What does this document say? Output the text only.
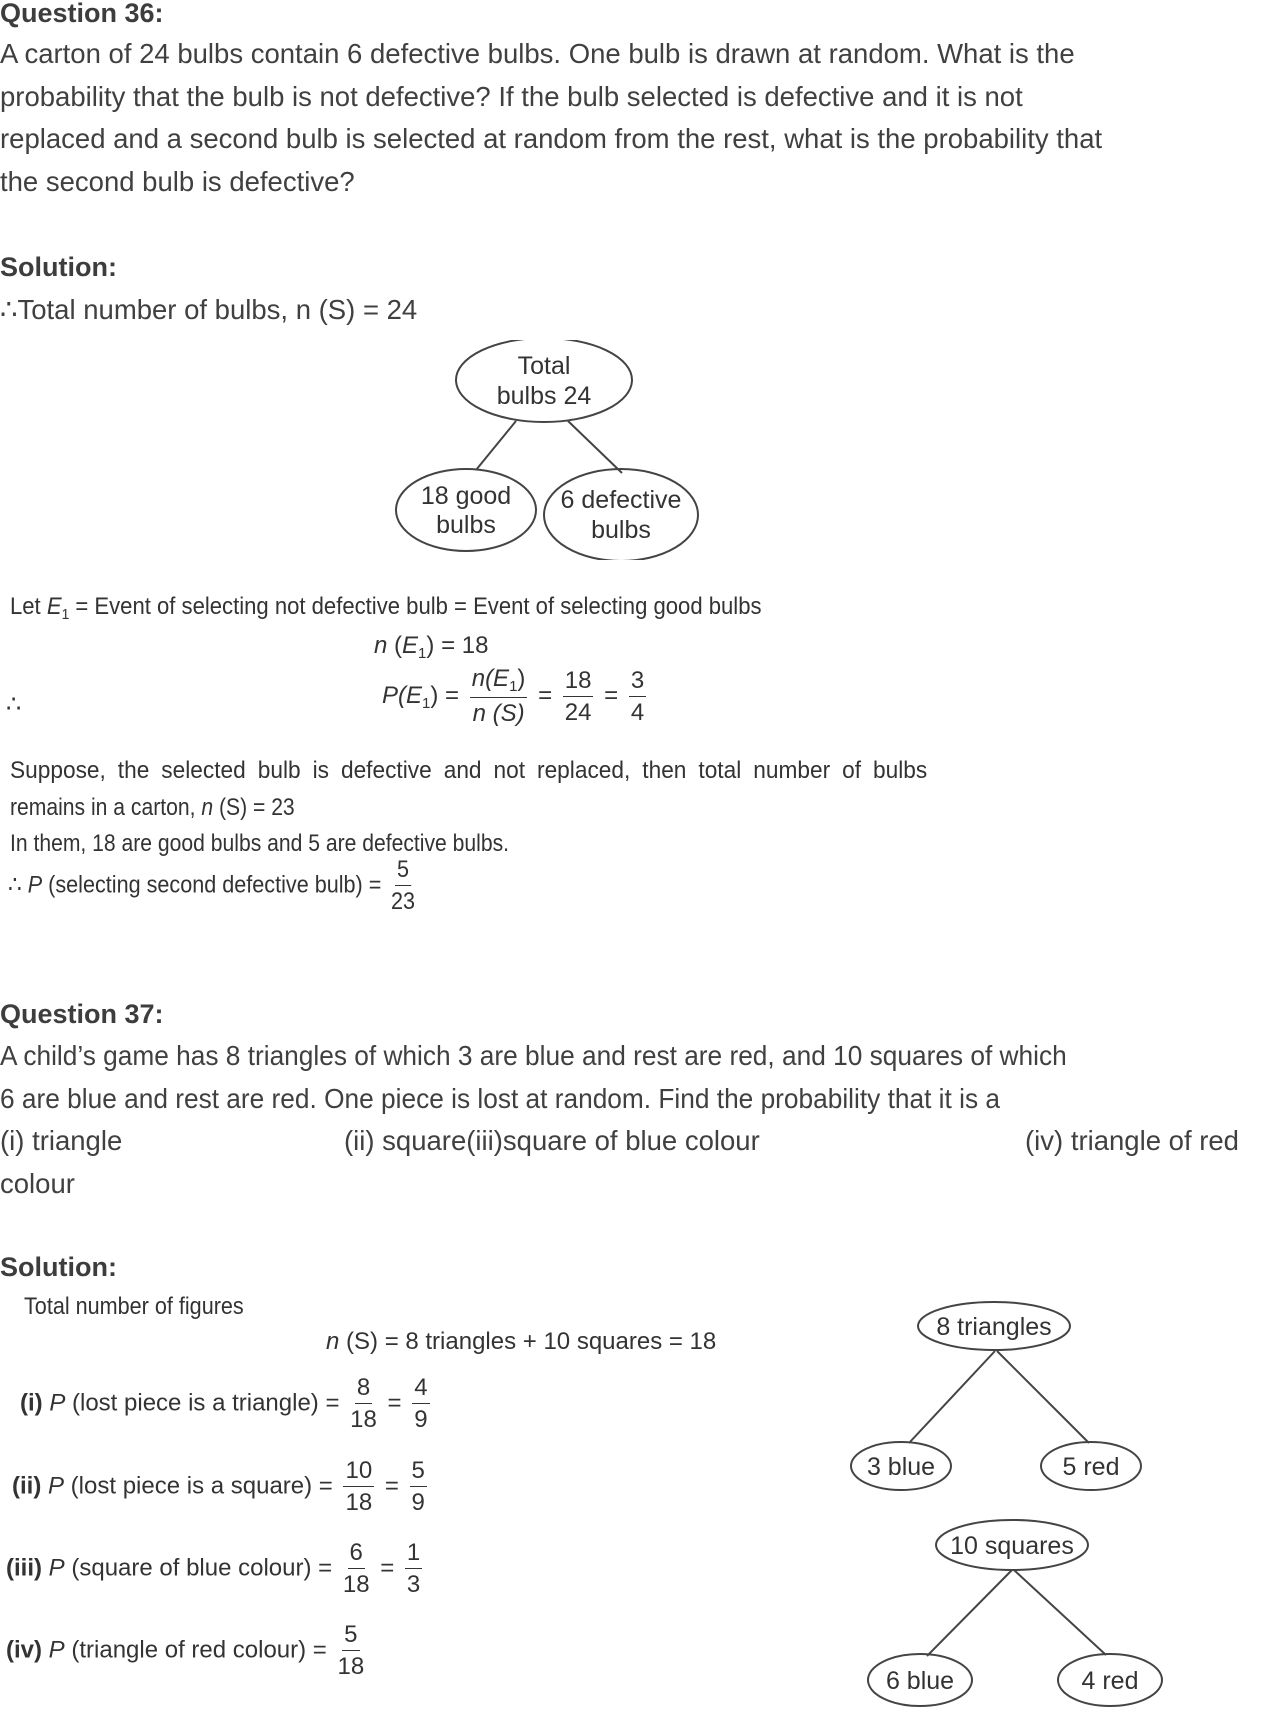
Question 36:
A carton of 24 bulbs contain 6 defective bulbs. One bulb is drawn at random. What is the
probability that the bulb is not defective? If the bulb selected is defective and it is not
replaced and a second bulb is selected at random from the rest, what is the probability that
the second bulb is defective?
Solution:
∴Total number of bulbs, n (S) = 24
Total
bulbs 24
18 good
bulbs
6 defective
bulbs
Let $E_1$ = Event of selecting not defective bulb = Event of selecting good bulbs
n $(E_1) = 18$
∴	$P(E_1) = \frac{n(E_1)}{n (S)} = \frac{18}{24} = \frac{3}{4}$
Suppose, the selected bulb is defective and not replaced, then total number of bulbs
remains in a carton, n (S) = 23
In them, 18 are good bulbs and 5 are defective bulbs.
∴ P (selecting second defective bulb) = $\frac{5}{23}$
Question 37:
A child’s game has 8 triangles of which 3 are blue and rest are red, and 10 squares of which
6 are blue and rest are red. One piece is lost at random. Find the probability that it is a
(i) triangle	(ii) square(iii)square of blue colour	(iv) triangle of red
colour
Solution:
Total number of figures
n (S) = 8 triangles + 10 squares = 18
(i) P (lost piece is a triangle) = $\frac{8}{18} = \frac{4}{9}$
(ii) P (lost piece is a square) = $\frac{10}{18} = \frac{5}{9}$
(iii) P (square of blue colour) = $\frac{6}{18} = \frac{1}{3}$
(iv) P (triangle of red colour) = $\frac{5}{18}$
8 triangles
3 blue	5 red
10 squares
6 blue	4 red
